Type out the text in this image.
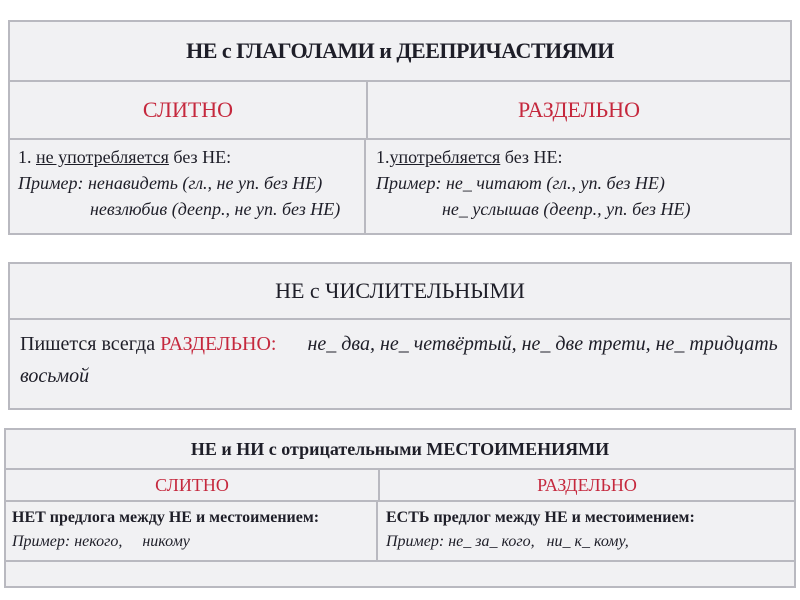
НЕ с ГЛАГОЛАМИ и ДЕЕПРИЧАСТИЯМИ
СЛИТНО	РАЗДЕЛЬНО
1. не употребляется без НЕ:
Пример: ненавидеть (гл., не уп. без НЕ)
невзлюбив (деепр., не уп. без НЕ)
1.употребляется без НЕ:
Пример: не_ читают (гл., уп. без НЕ)
не_ услышав (деепр., уп. без НЕ)
НЕ с ЧИСЛИТЕЛЬНЫМИ
Пишется всегда РАЗДЕЛЬНО: не_ два, не_ четвёртый, не_ две трети, не_ тридцать
восьмой
НЕ и НИ с отрицательными МЕСТОИМЕНИЯМИ
СЛИТНО	РАЗДЕЛЬНО
НЕТ предлога между НЕ и местоимением:
Пример: некого,     никому
ЕСТЬ предлог между НЕ и местоимением:
Пример: не_ за_ кого,   ни_ к_ кому,
